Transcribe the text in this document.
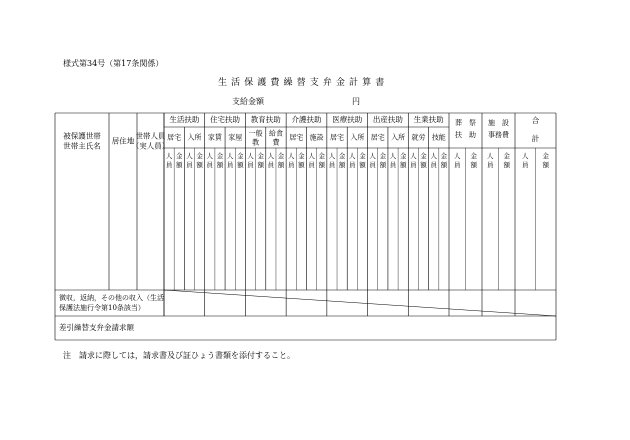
様式第34号（第17条関係）
生活保護費繰替支弁金計算書
支給金額	円
被保護世帯
世帯主氏名
居住地
世帯人員
（実人員）
生活扶助
居宅 入所
人
員
金
額
人
員
金
額
住宅扶助
家賃 家屋
人
員
金
額
人
員
金
額
教育扶助
一般
教
給食
費
人
員
金
額
人
員
金
額
介護扶助
居宅 施設
人
員
金
額
人
員
金
額
医療扶助
居宅 入所
人
員
金
額
人
員
金
額
出産扶助
居宅 入所
人
員
金
額
人
員
金
額
生業扶助
就労 技能
人
員
金
額
人
員
金
額
葬　祭
扶　助
施　設
事務費
合
計
人
員
金
額
人
員
金
額
人
員
金
額
徴収，返納，その他の収入（生活
保護法施行令第10条該当）
差引繰替支弁金請求額
注　請求に際しては，請求書及び証ひょう書類を添付すること。
